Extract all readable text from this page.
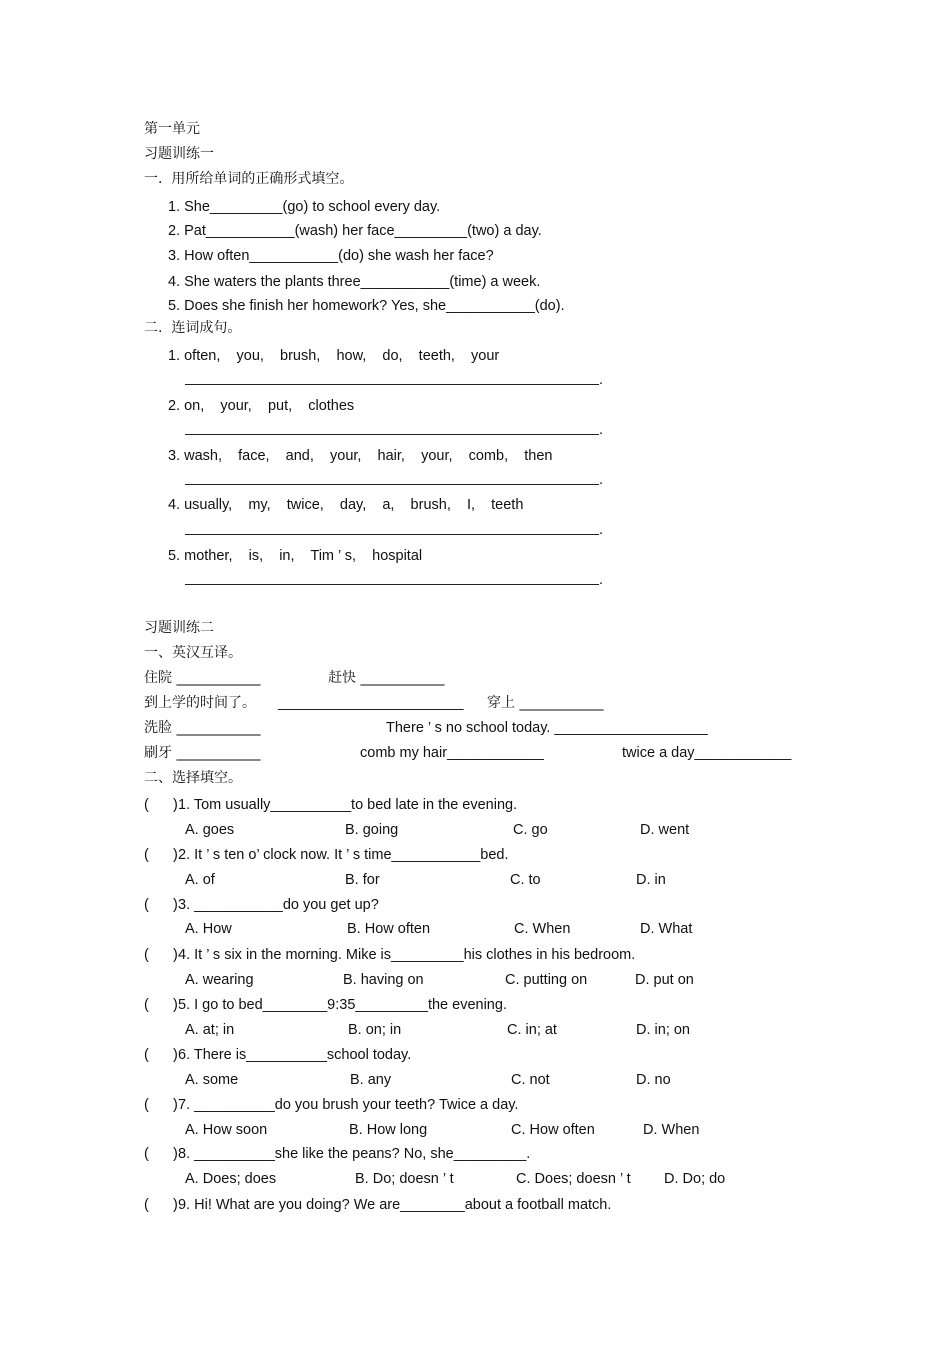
第一单元
习题训练一
一.  用所给单词的正确形式填空。
1. She_________(go) to school every day.
2. Pat___________(wash) her face_________(two) a day.
3. How often___________(do) she wash her face?
4. She waters the plants three___________(time) a week.
5. Does she finish her homework? Yes, she___________(do).
二.  连词成句。
1. often,    you,    brush,    how,    do,    teeth,    your
.
2. on,    your,    put,    clothes
.
3. wash,    face,    and,    your,    hair,    your,    comb,    then
.
4. usually,    my,    twice,    day,    a,    brush,    I,    teeth
.
5. mother,    is,    in,    Tim ’ s,    hospital
.
习题训练二
一、英汉互译。
住院 ____________	赶快 ____________
到上学的时间了。 _______________________ 穿上 ____________
洗脸 ____________	There ’ s no school today. ___________________
刷牙 ____________	comb my hair____________	twice a day____________
二、选择填空。
(      ) 1. Tom usually__________to bed late in the evening.
A. goes	B. going	C. go	D. went
(      ) 2. It ’ s ten o’ clock now. It ’ s time___________bed.
A. of	B. for	C. to	D. in
(      ) 3. ___________do you get up?
A. How	B. How often	C. When	D. What
(      ) 4. It ’ s six in the morning. Mike is_________his clothes in his bedroom.
A. wearing	B. having on	C. putting on	D. put on
(      ) 5. I go to bed________9:35_________the evening.
A. at; in	B. on; in	C. in; at	D. in; on
(      ) 6. There is__________school today.
A. some	B. any	C. not	D. no
(      ) 7. __________do you brush your teeth? Twice a day.
A. How soon	B. How long	C. How often	D. When
(      ) 8. __________she like the peans? No, she_________.
A. Does; does	B. Do; doesn ’ t	C. Does; doesn ’ t D. Do; do
(      ) 9. Hi! What are you doing? We are________about a football match.
